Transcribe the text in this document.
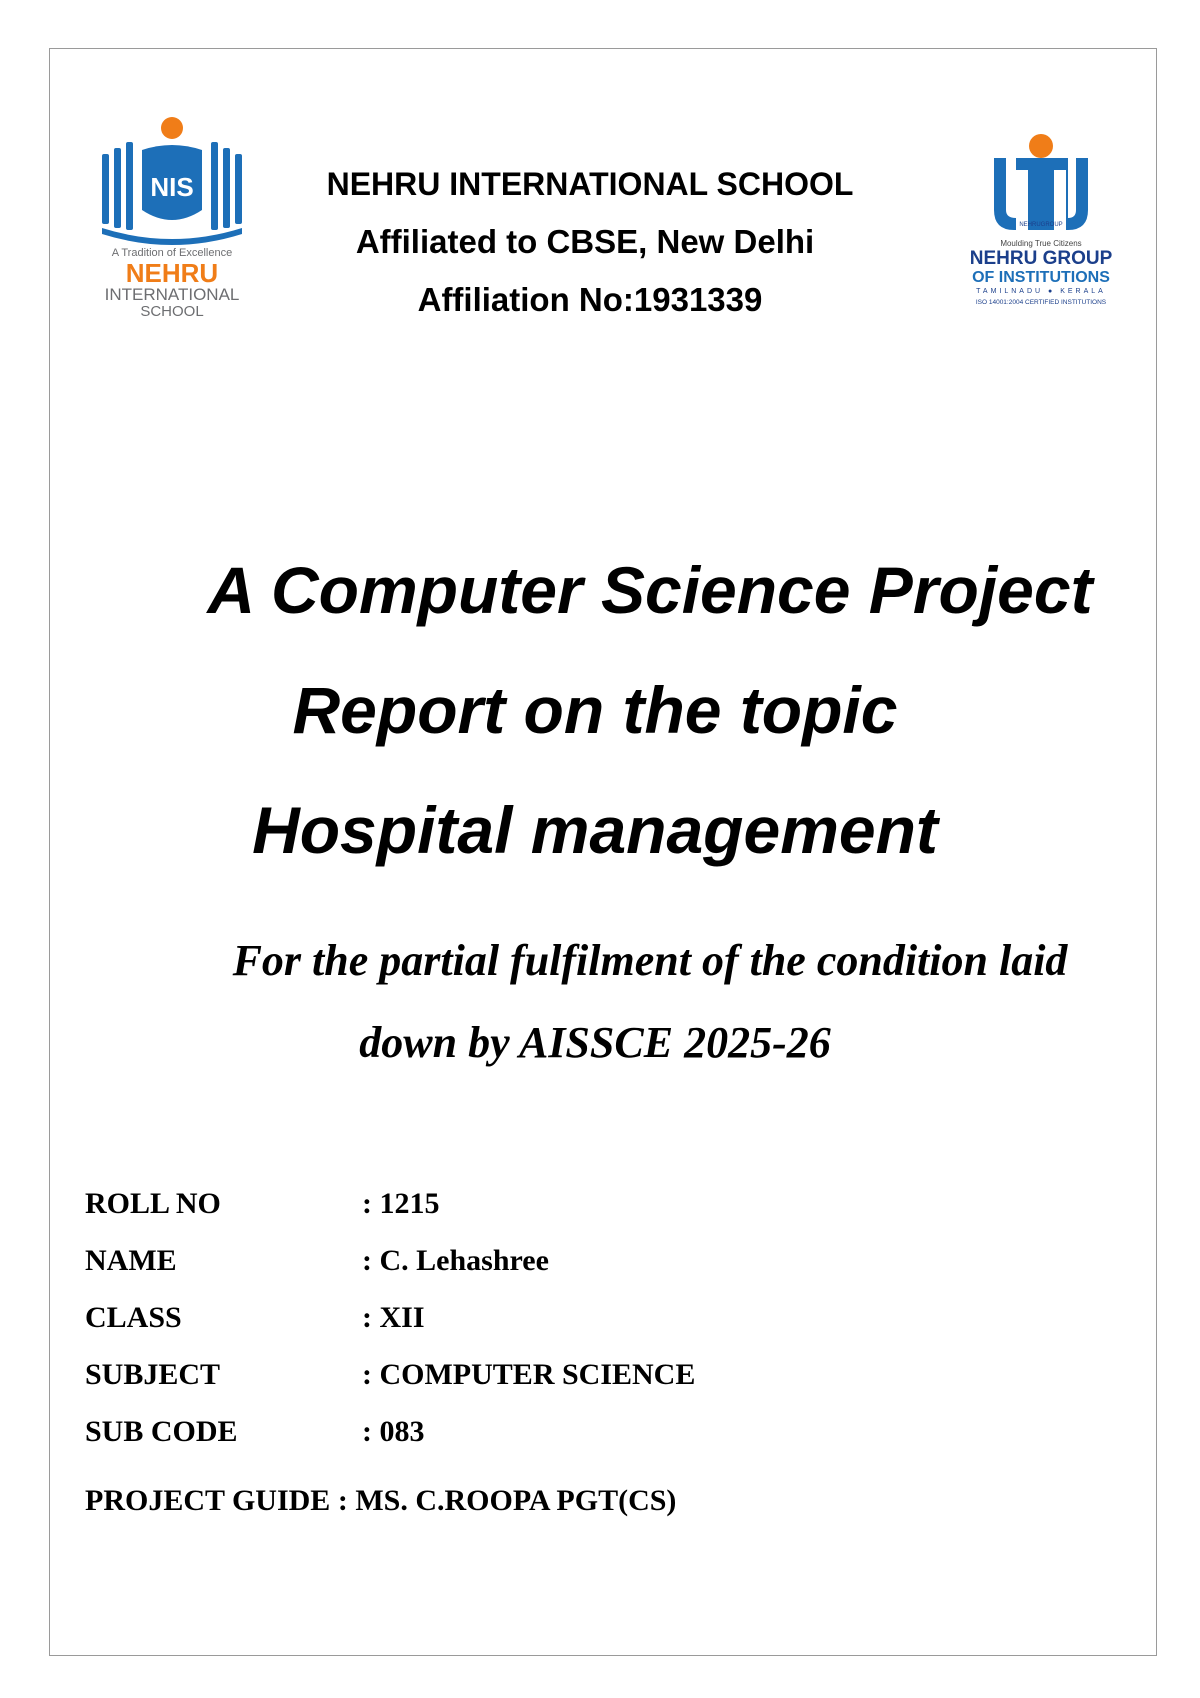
NIS
A Tradition of Excellence
NEHRU
INTERNATIONAL
SCHOOL
NEHRUGROUP
Moulding True Citizens
NEHRU GROUP
OF INSTITUTIONS
TAMILNADU ● KERALA
ISO 14001:2004 CERTIFIED INSTITUTIONS
NEHRU INTERNATIONAL SCHOOL
Affiliated to CBSE, New Delhi
Affiliation No:1931339
A Computer Science Project
Report on the topic
Hospital management
For the partial fulfilment of the condition laid
down by AISSCE 2025-26
ROLL NO	: 1215
NAME	: C. Lehashree
CLASS	: XII
SUBJECT	: COMPUTER SCIENCE
SUB CODE	: 083
PROJECT GUIDE : MS. C.ROOPA PGT(CS)
